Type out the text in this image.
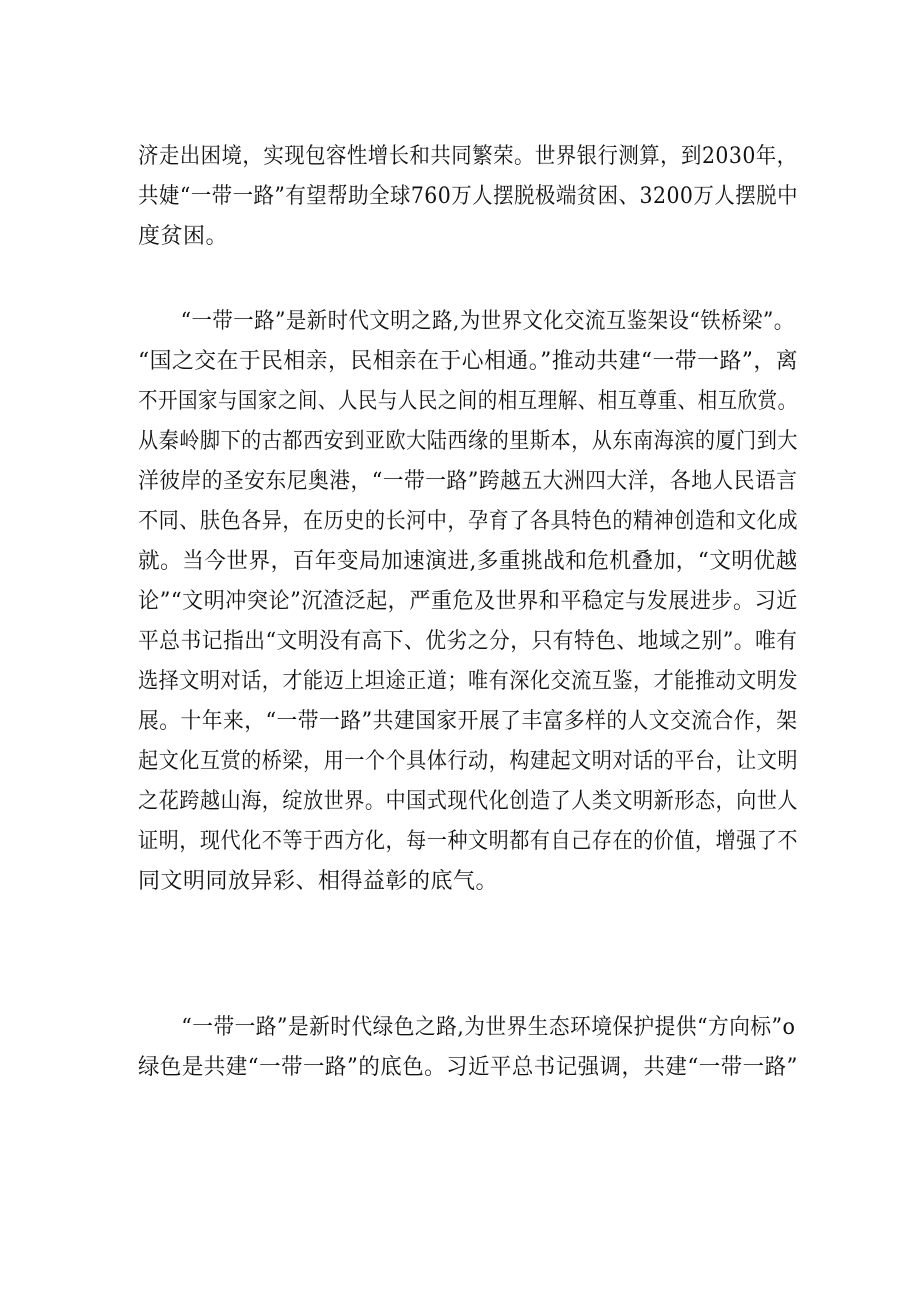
济走出困境，实现包容性增长和共同繁荣。世界银行测算，到2030年，
共婕“一带一路”有望帮助全球760万人摆脱极端贫困、3200万人摆脱中
度贫困。
“一带一路”是新时代文明之路,为世界文化交流互鉴架设“铁桥梁”。
“国之交在于民相亲，民相亲在于心相通。”推动共建“一带一路”，离
不开国家与国家之间、人民与人民之间的相互理解、相互尊重、相互欣赏。
从秦岭脚下的古都西安到亚欧大陆西缘的里斯本，从东南海滨的厦门到大
洋彼岸的圣安东尼奥港，“一带一路”跨越五大洲四大洋，各地人民语言
不同、肤色各异，在历史的长河中，孕育了各具特色的精神创造和文化成
就。当今世界，百年变局加速演进,多重挑战和危机叠加，“文明优越
论”“文明冲突论”沉渣泛起，严重危及世界和平稳定与发展进步。习近
平总书记指出“文明没有高下、优劣之分，只有特色、地域之别”。唯有
选择文明对话，才能迈上坦途正道；唯有深化交流互鉴，才能推动文明发
展。十年来，“一带一路”共建国家开展了丰富多样的人文交流合作，架
起文化互赏的桥梁，用一个个具体行动，构建起文明对话的平台，让文明
之花跨越山海，绽放世界。中国式现代化创造了人类文明新形态，向世人
证明，现代化不等于西方化，每一种文明都有自己存在的价值，增强了不
同文明同放异彩、相得益彰的底气。
“一带一路”是新时代绿色之路,为世界生态环境保护提供“方向标”o
绿色是共建“一带一路”的底色。习近平总书记强调，共建“一带一路”
